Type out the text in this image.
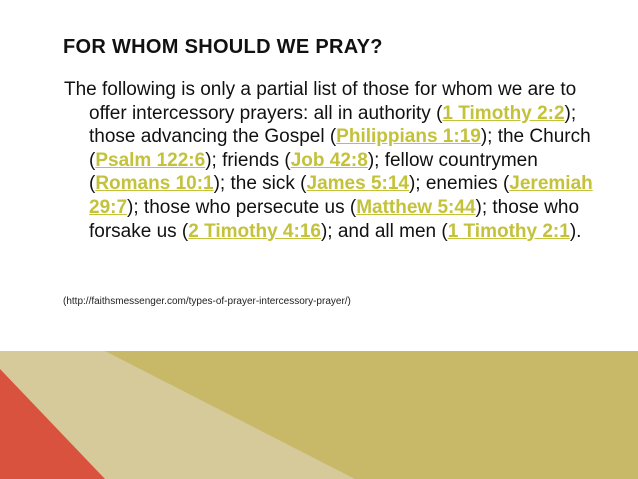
FOR WHOM SHOULD WE PRAY?

The following is only a partial list of those for whom we are to offer intercessory prayers: all in authority (1 Timothy 2:2); those advancing the Gospel (Philippians 1:19); the Church (Psalm 122:6); friends (Job 42:8); fellow countrymen (Romans 10:1); the sick (James 5:14); enemies (Jeremiah 29:7); those who persecute us (Matthew 5:44); those who forsake us (2 Timothy 4:16); and all men (1 Timothy 2:1).

(http://faithsmessenger.com/types-of-prayer-intercessory-prayer/)
